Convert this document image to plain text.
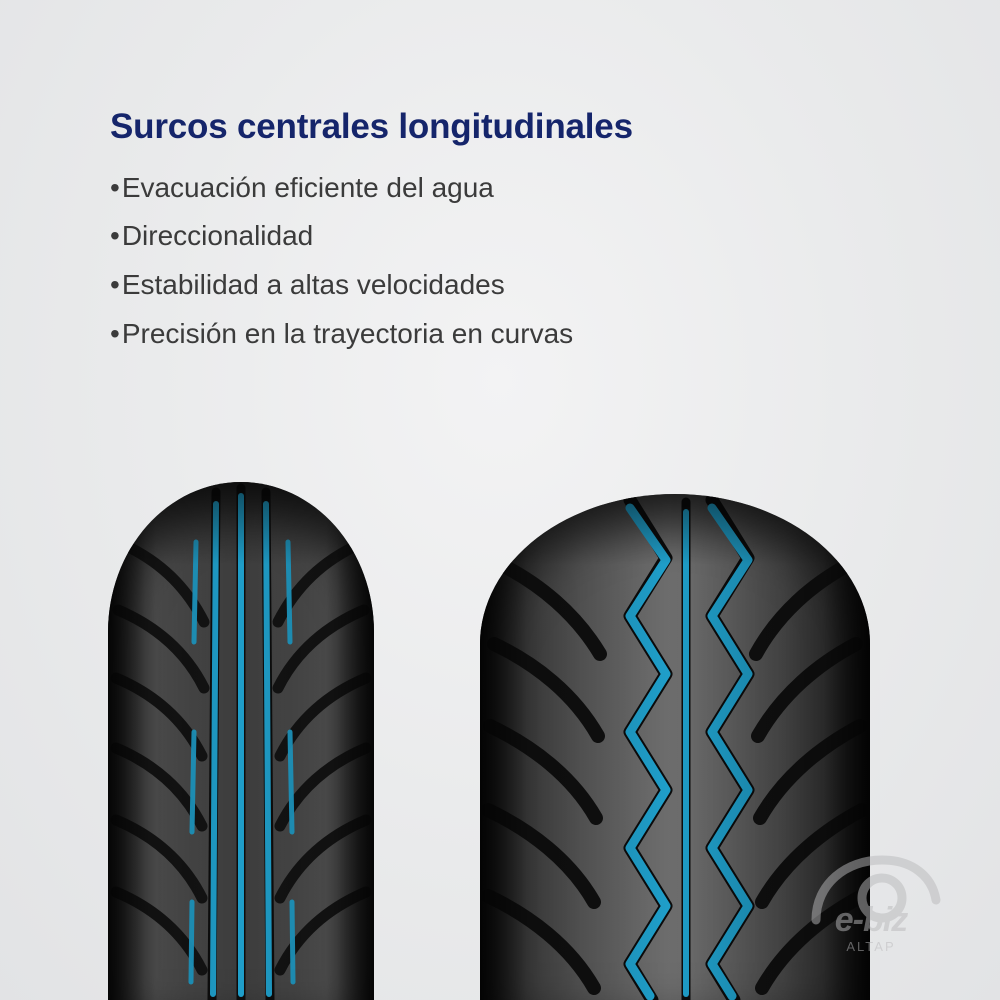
Surcos centrales longitudinales
• Evacuación eficiente del agua
• Direccionalidad
• Estabilidad a altas velocidades
• Precisión en la trayectoria en curvas
e-biz
ALTAP
